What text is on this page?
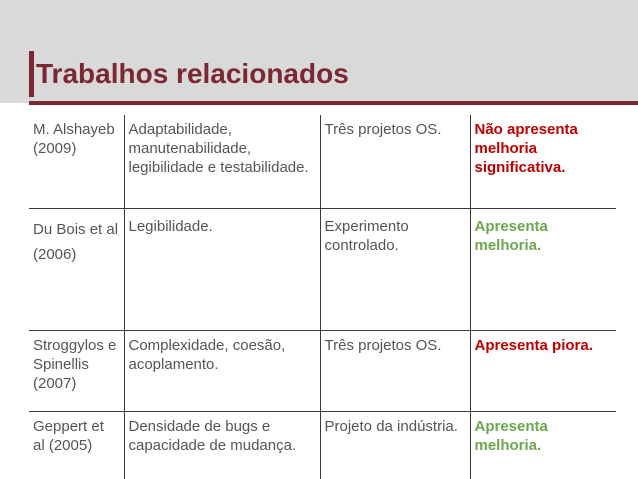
Trabalhos relacionados
M. Alshayeb (2009)	Adaptabilidade, manutenabilidade, legibilidade e testabilidade.	Três projetos OS.	Não apresenta melhoria significativa.
Du Bois et al (2006)	Legibilidade.	Experimento controlado.	Apresenta melhoria.
Stroggylos e Spinellis (2007)	Complexidade, coesão, acoplamento.	Três projetos OS.	Apresenta piora.
Geppert et al (2005)	Densidade de bugs e capacidade de mudança.	Projeto da indústria.	Apresenta melhoria.
